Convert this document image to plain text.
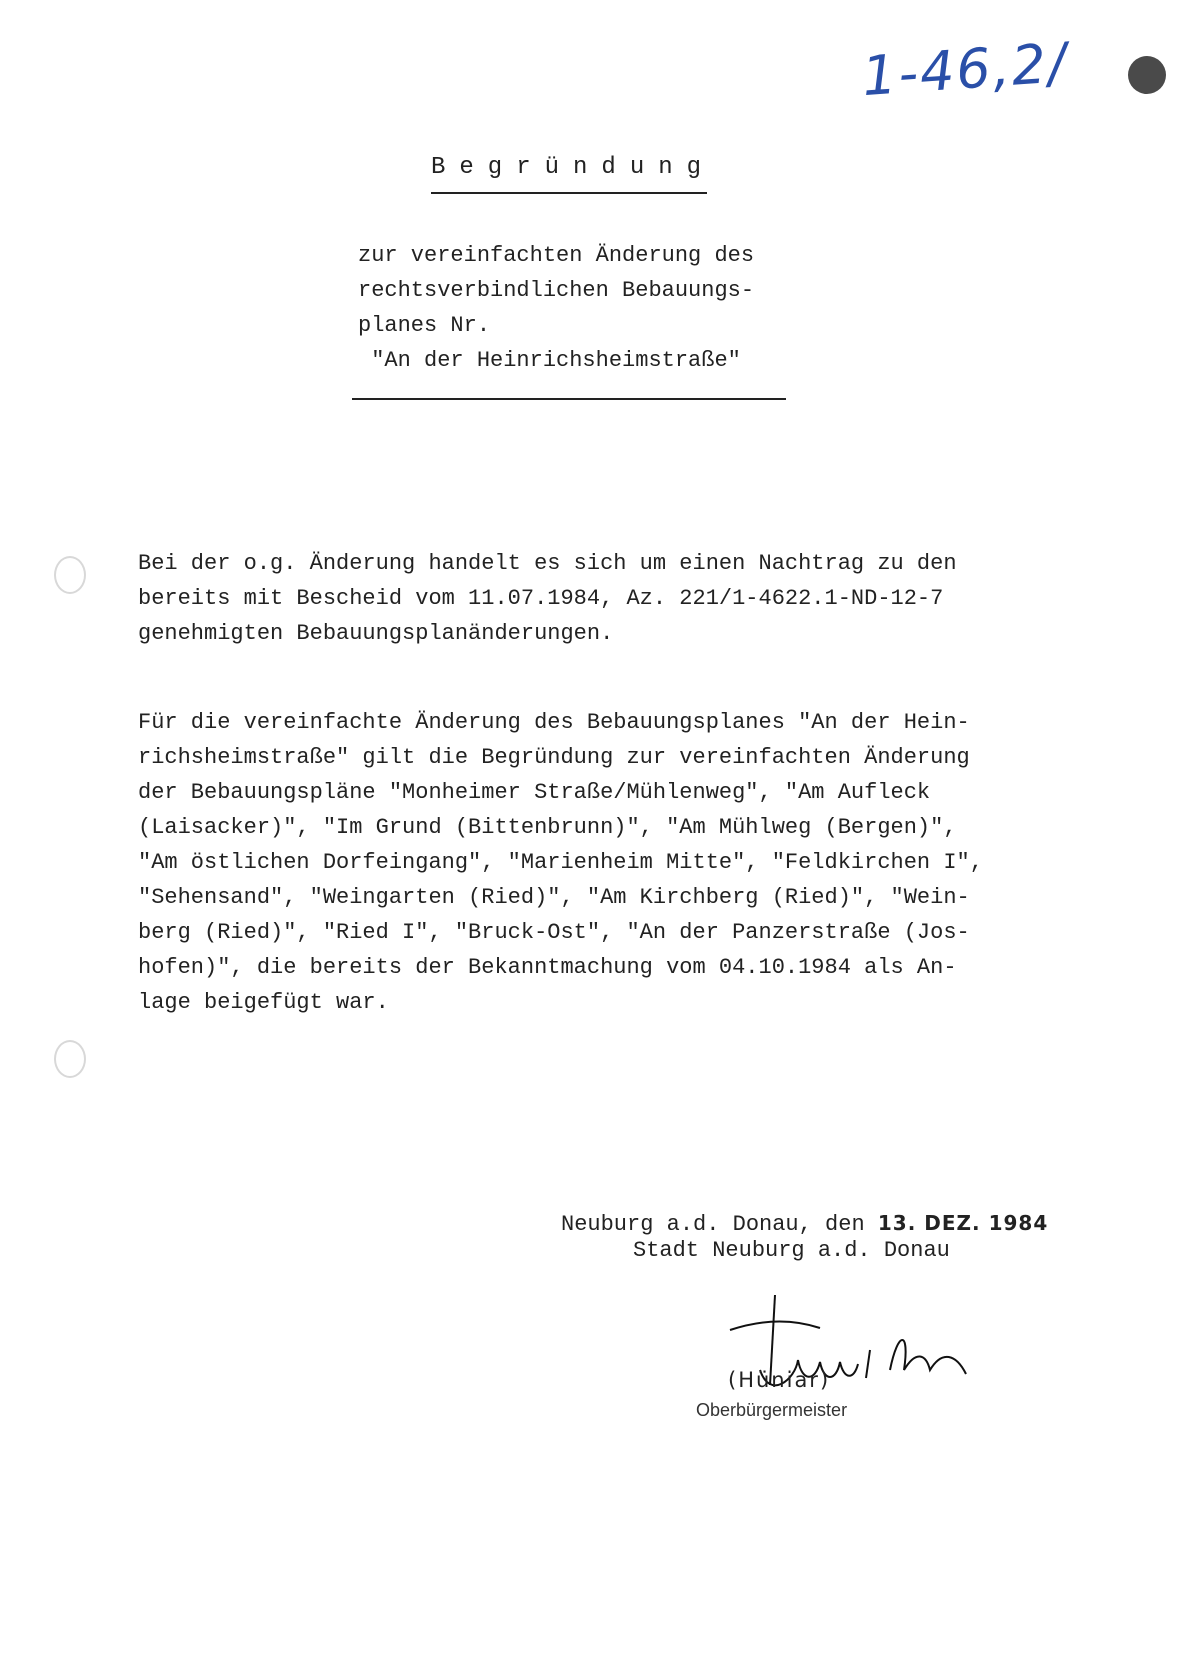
1-46,2/
Begründung
zur vereinfachten Änderung des
rechtsverbindlichen Bebauungs-
planes Nr.
"An der Heinrichsheimstraße"
Bei der o.g. Änderung handelt es sich um einen Nachtrag zu den
bereits mit Bescheid vom 11.07.1984, Az. 221/1-4622.1-ND-12-7
genehmigten Bebauungsplanänderungen.
Für die vereinfachte Änderung des Bebauungsplanes "An der Hein-
richsheimstraße" gilt die Begründung zur vereinfachten Änderung
der Bebauungspläne "Monheimer Straße/Mühlenweg", "Am Aufleck
(Laisacker)", "Im Grund (Bittenbrunn)", "Am Mühlweg (Bergen)",
"Am östlichen Dorfeingang", "Marienheim Mitte", "Feldkirchen I",
"Sehensand", "Weingarten (Ried)", "Am Kirchberg (Ried)", "Wein-
berg (Ried)", "Ried I", "Bruck-Ost", "An der Panzerstraße (Jos-
hofen)", die bereits der Bekanntmachung vom 04.10.1984 als An-
lage beigefügt war.
Neuburg a.d. Donau, den 13. DEZ. 1984
Stadt Neuburg a.d. Donau
(Hüniar)
Oberbürgermeister
